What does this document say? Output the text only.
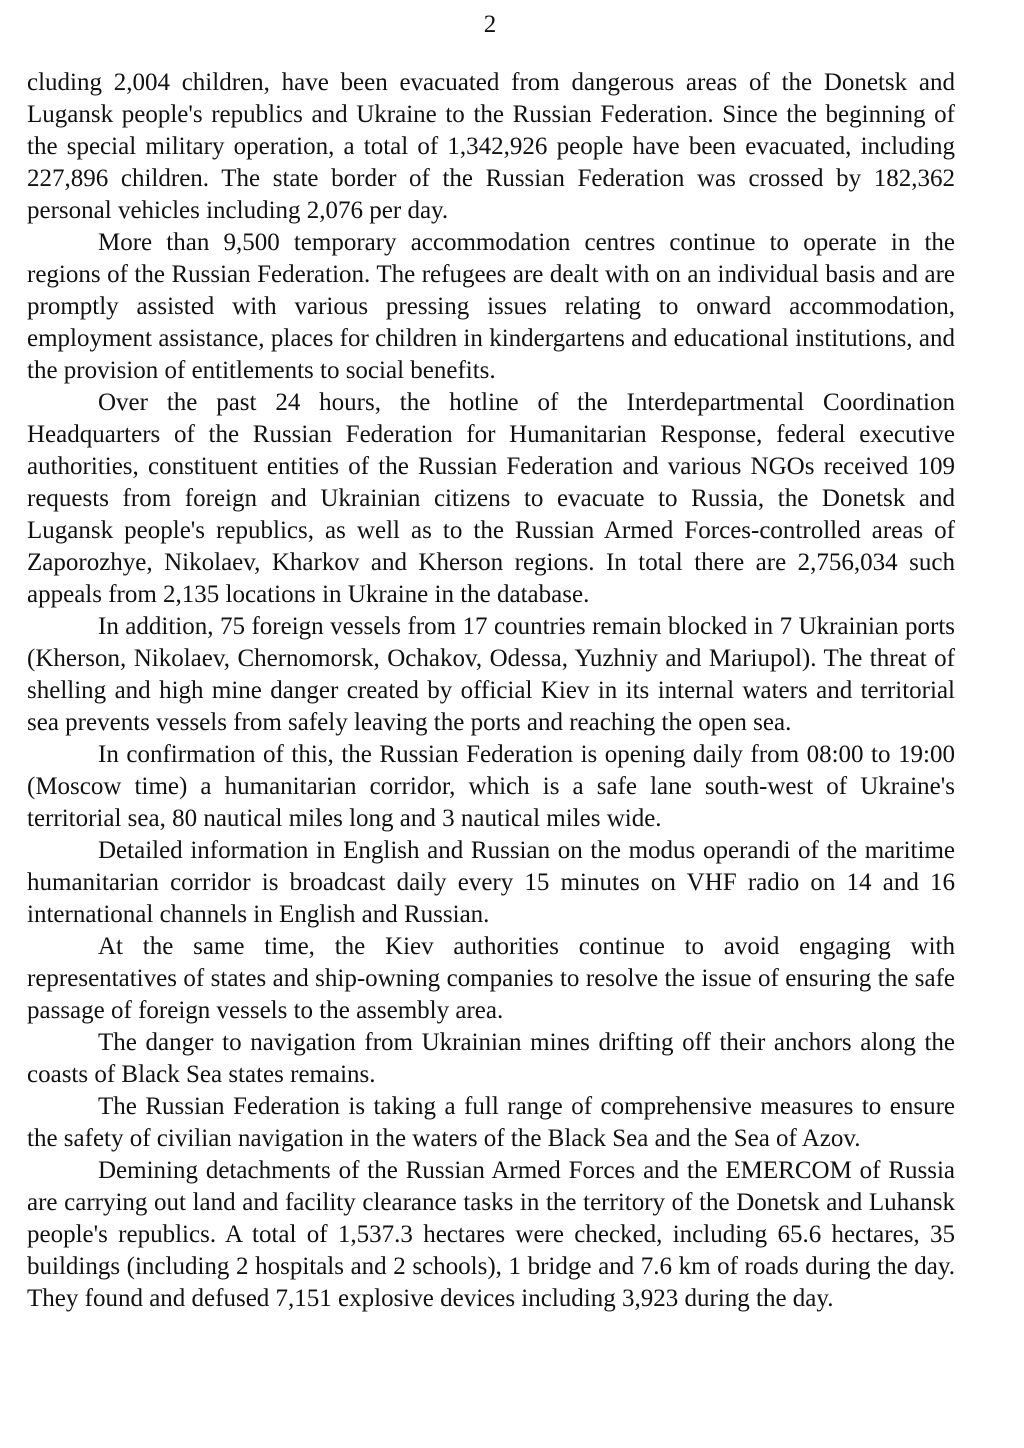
2

cluding 2,004 children, have been evacuated from dangerous areas of the Donetsk and Lugansk people's republics and Ukraine to the Russian Federation. Since the beginning of the special military operation, a total of 1,342,926 people have been evacuated, including 227,896 children. The state border of the Russian Federation was crossed by 182,362 personal vehicles including 2,076 per day.

More than 9,500 temporary accommodation centres continue to operate in the regions of the Russian Federation. The refugees are dealt with on an individual basis and are promptly assisted with various pressing issues relating to onward accommodation, employment assistance, places for children in kindergartens and educational institutions, and the provision of entitlements to social benefits.

Over the past 24 hours, the hotline of the Interdepartmental Coordination Headquarters of the Russian Federation for Humanitarian Response, federal executive authorities, constituent entities of the Russian Federation and various NGOs received 109 requests from foreign and Ukrainian citizens to evacuate to Russia, the Donetsk and Lugansk people's republics, as well as to the Russian Armed Forces-controlled areas of Zaporozhye, Nikolaev, Kharkov and Kherson regions. In total there are 2,756,034 such appeals from 2,135 locations in Ukraine in the database.

In addition, 75 foreign vessels from 17 countries remain blocked in 7 Ukrainian ports (Kherson, Nikolaev, Chernomorsk, Ochakov, Odessa, Yuzhniy and Mariupol). The threat of shelling and high mine danger created by official Kiev in its internal waters and territorial sea prevents vessels from safely leaving the ports and reaching the open sea.

In confirmation of this, the Russian Federation is opening daily from 08:00 to 19:00 (Moscow time) a humanitarian corridor, which is a safe lane south-west of Ukraine's territorial sea, 80 nautical miles long and 3 nautical miles wide.

Detailed information in English and Russian on the modus operandi of the maritime humanitarian corridor is broadcast daily every 15 minutes on VHF radio on 14 and 16 international channels in English and Russian.

At the same time, the Kiev authorities continue to avoid engaging with representatives of states and ship-owning companies to resolve the issue of ensuring the safe passage of foreign vessels to the assembly area.

The danger to navigation from Ukrainian mines drifting off their anchors along the coasts of Black Sea states remains.

The Russian Federation is taking a full range of comprehensive measures to ensure the safety of civilian navigation in the waters of the Black Sea and the Sea of Azov.

Demining detachments of the Russian Armed Forces and the EMERCOM of Russia are carrying out land and facility clearance tasks in the territory of the Donetsk and Luhansk people's republics. A total of 1,537.3 hectares were checked, including 65.6 hectares, 35 buildings (including 2 hospitals and 2 schools), 1 bridge and 7.6 km of roads during the day. They found and defused 7,151 explosive devices including 3,923 during the day.
